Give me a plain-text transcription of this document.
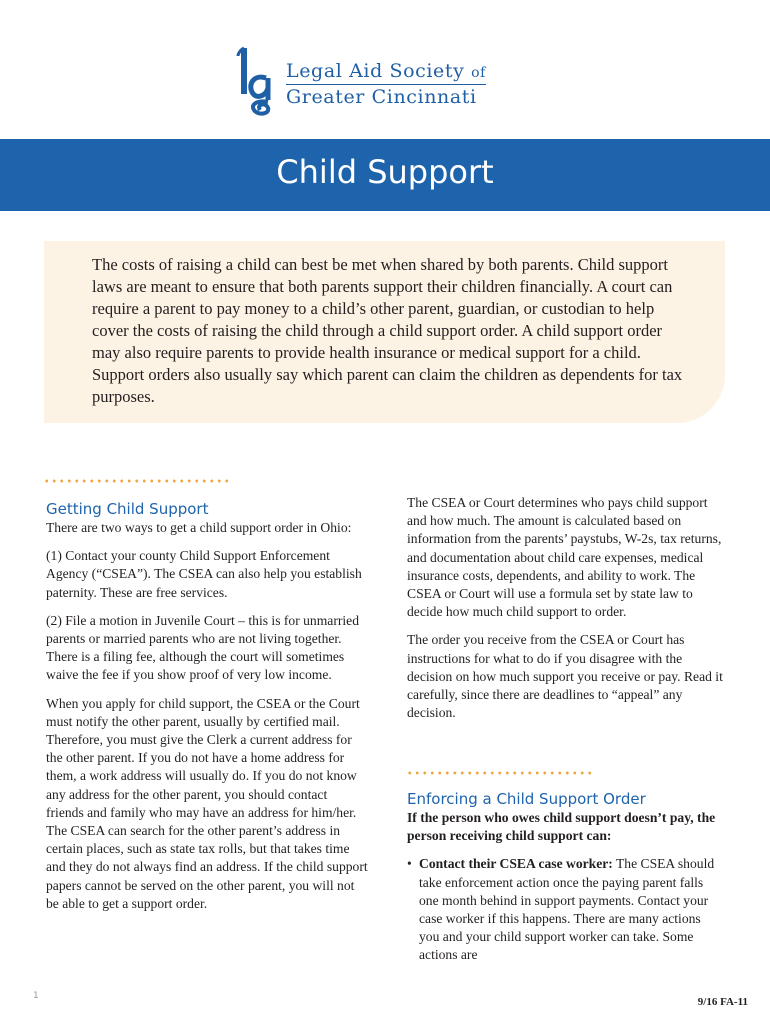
Legal Aid Society of
Greater Cincinnati
Child Support

The costs of raising a child can best be met when shared by both parents. Child support laws are meant to ensure that both parents support their children financially. A court can require a parent to pay money to a child’s other parent, guardian, or custodian to help cover the costs of raising the child through a child support order. A child support order may also require parents to provide health insurance or medical support for a child. Support orders also usually say which parent can claim the children as dependents for tax purposes.

Getting Child Support

There are two ways to get a child support order in Ohio:

(1) Contact your county Child Support Enforcement Agency (“CSEA”). The CSEA can also help you establish paternity. These are free services.

(2) File a motion in Juvenile Court – this is for unmarried parents or married parents who are not living together. There is a filing fee, although the court will sometimes waive the fee if you show proof of very low income.

When you apply for child support, the CSEA or the Court must notify the other parent, usually by certified mail. Therefore, you must give the Clerk a current address for the other parent. If you do not have a home address for them, a work address will usually do. If you do not know any address for the other parent, you should contact friends and family who may have an address for him/her. The CSEA can search for the other parent’s address in certain places, such as state tax rolls, but that takes time and they do not always find an address. If the child support papers cannot be served on the other parent, you will not be able to get a support order.

The CSEA or Court determines who pays child support and how much. The amount is calculated based on information from the parents’ paystubs, W-2s, tax returns, and documentation about child care expenses, medical insurance costs, dependents, and ability to work. The CSEA or Court will use a formula set by state law to decide how much child support to order.

The order you receive from the CSEA or Court has instructions for what to do if you disagree with the decision on how much support you receive or pay. Read it carefully, since there are deadlines to “appeal” any decision.

Enforcing a Child Support Order

If the person who owes child support doesn’t pay, the person receiving child support can:

• Contact their CSEA case worker: The CSEA should take enforcement action once the paying parent falls one month behind in support payments. Contact your case worker if this happens. There are many actions you and your child support worker can take. Some actions are

1	9/16 FA-11
